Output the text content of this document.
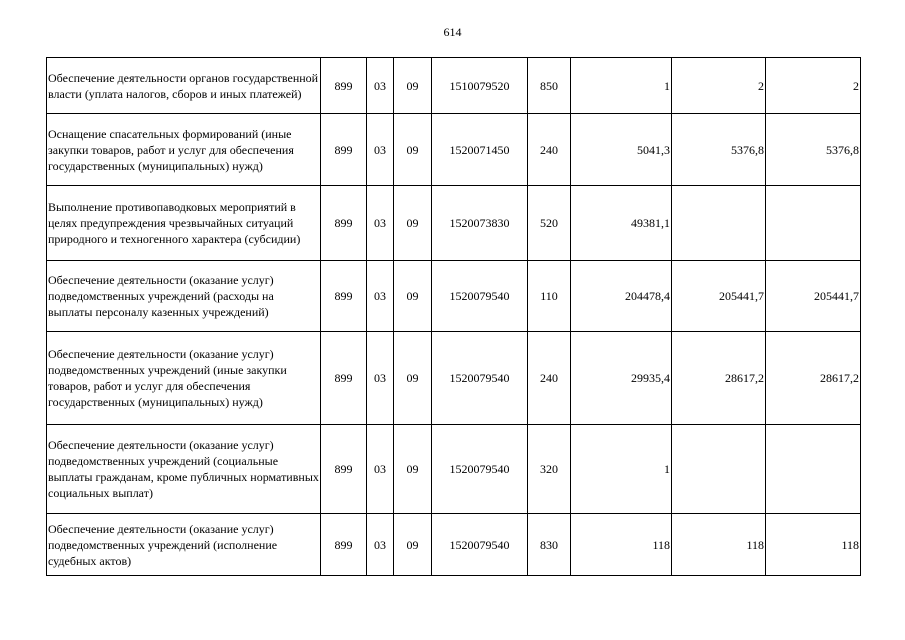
614
Обеспечение деятельности органов государственной власти (уплата налогов, сборов и иных платежей)	899	03	09	1510079520	850	1	2	2
Оснащение спасательных формирований (иные закупки товаров, работ и услуг для обеспечения государственных (муниципальных) нужд)	899	03	09	1520071450	240	5041,3	5376,8	5376,8
Выполнение противопаводковых мероприятий в целях предупреждения чрезвычайных ситуаций природного и техногенного характера (субсидии)	899	03	09	1520073830	520	49381,1		
Обеспечение деятельности (оказание услуг) подведомственных учреждений (расходы на выплаты персоналу казенных учреждений)	899	03	09	1520079540	110	204478,4	205441,7	205441,7
Обеспечение деятельности (оказание услуг) подведомственных учреждений (иные закупки товаров, работ и услуг для обеспечения государственных (муниципальных) нужд)	899	03	09	1520079540	240	29935,4	28617,2	28617,2
Обеспечение деятельности (оказание услуг) подведомственных учреждений (социальные выплаты гражданам, кроме публичных нормативных социальных выплат)	899	03	09	1520079540	320	1		
Обеспечение деятельности (оказание услуг) подведомственных учреждений (исполнение судебных актов)	899	03	09	1520079540	830	118	118	118
